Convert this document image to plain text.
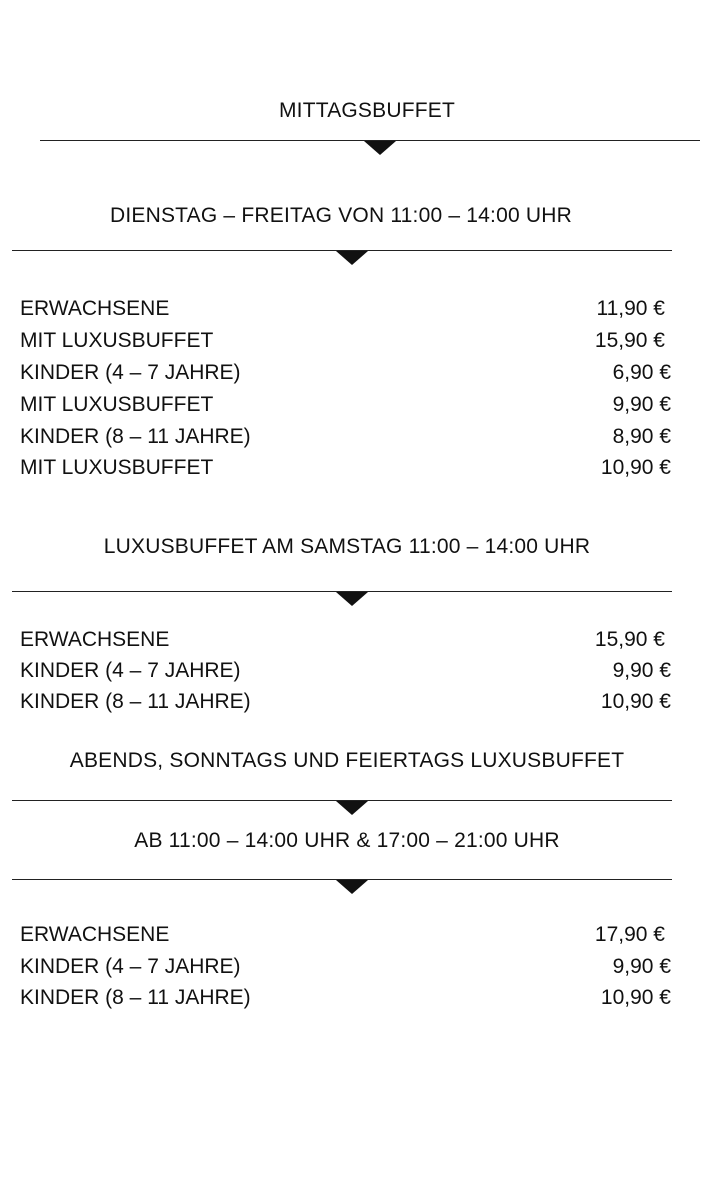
MITTAGSBUFFET
DIENSTAG – FREITAG VON 11:00 – 14:00 UHR
ERWACHSENE	11,90 €
MIT LUXUSBUFFET	15,90 €
KINDER (4 – 7 JAHRE)	6,90 €
MIT LUXUSBUFFET	9,90 €
KINDER (8 – 11 JAHRE)	8,90 €
MIT LUXUSBUFFET	10,90 €
LUXUSBUFFET AM SAMSTAG 11:00 – 14:00 UHR
ERWACHSENE	15,90 €
KINDER (4 – 7 JAHRE)	9,90 €
KINDER (8 – 11 JAHRE)	10,90 €
ABENDS, SONNTAGS UND FEIERTAGS LUXUSBUFFET
AB 11:00 – 14:00 UHR & 17:00 – 21:00 UHR
ERWACHSENE	17,90 €
KINDER (4 – 7 JAHRE)	9,90 €
KINDER (8 – 11 JAHRE)	10,90 €
